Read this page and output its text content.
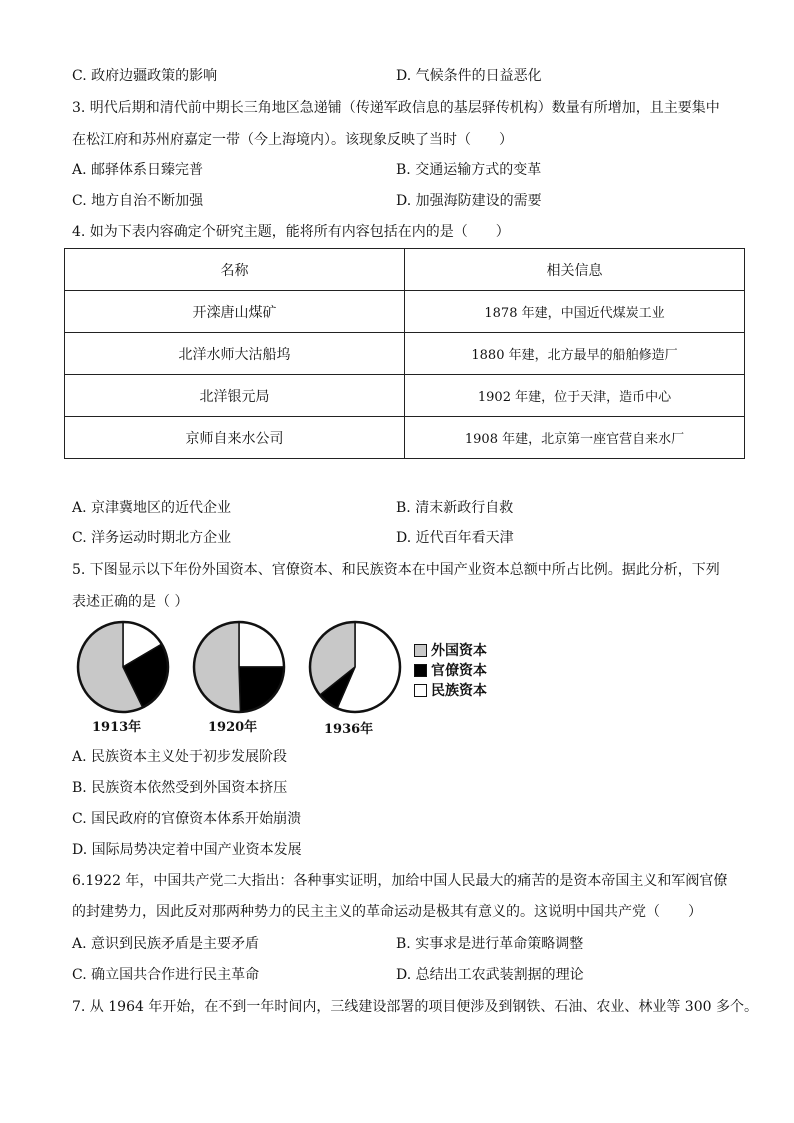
C. 政府边疆政策的影响	D. 气候条件的日益恶化
3. 明代后期和清代前中期长三角地区急递铺（传递军政信息的基层驿传机构）数量有所增加，且主要集中
在松江府和苏州府嘉定一带（今上海境内）。该现象反映了当时（　　）
A. 邮驿体系日臻完普	B. 交通运输方式的变革
C. 地方自治不断加强	D. 加强海防建设的需要
4. 如为下表内容确定个研究主题，能将所有内容包括在内的是（　　）
名称	相关信息
开滦唐山煤矿	1878 年建，中国近代煤炭工业
北洋水师大沽船坞	1880 年建，北方最早的船舶修造厂
北洋银元局	1902 年建，位于天津，造币中心
京师自来水公司	1908 年建，北京第一座官营自来水厂
A. 京津冀地区的近代企业	B. 清末新政行自救
C. 洋务运动时期北方企业	D. 近代百年看天津
5. 下图显示以下年份外国资本、官僚资本、和民族资本在中国产业资本总额中所占比例。据此分析，下列
表述正确的是（ ）
1913年	1920年	1936年
外国资本
官僚资本
民族资本
A. 民族资本主义处于初步发展阶段
B. 民族资本依然受到外国资本挤压
C. 国民政府的官僚资本体系开始崩溃
D. 国际局势决定着中国产业资本发展
6.1922 年，中国共产党二大指出：各种事实证明，加给中国人民最大的痛苦的是资本帝国主义和军阀官僚
的封建势力，因此反对那两种势力的民主主义的革命运动是极其有意义的。这说明中国共产党（　　）
A. 意识到民族矛盾是主要矛盾	B. 实事求是进行革命策略调整
C. 确立国共合作进行民主革命	D. 总结出工农武装割据的理论
7. 从 1964 年开始，在不到一年时间内，三线建设部署的项目便涉及到钢铁、石油、农业、林业等 300 多个。
